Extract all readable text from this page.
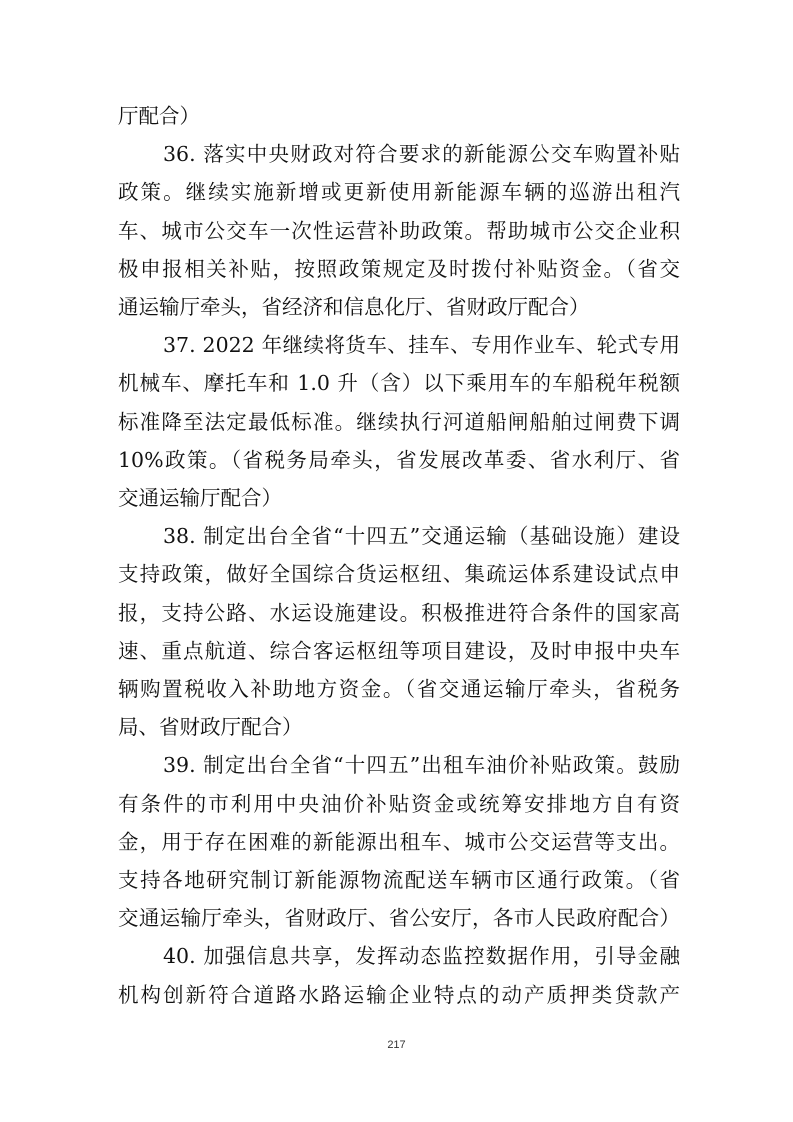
厅配合）
36. 落实中央财政对符合要求的新能源公交车购置补贴
政策。继续实施新增或更新使用新能源车辆的巡游出租汽
车、城市公交车一次性运营补助政策。帮助城市公交企业积
极申报相关补贴，按照政策规定及时拨付补贴资金。（省交
通运输厅牵头，省经济和信息化厅、省财政厅配合）
37. 2022 年继续将货车、挂车、专用作业车、轮式专用
机械车、摩托车和 1.0 升（含）以下乘用车的车船税年税额
标准降至法定最低标准。继续执行河道船闸船舶过闸费下调
10%政策。（省税务局牵头，省发展改革委、省水利厅、省
交通运输厅配合）
38. 制定出台全省“十四五”交通运输（基础设施）建设
支持政策，做好全国综合货运枢纽、集疏运体系建设试点申
报，支持公路、水运设施建设。积极推进符合条件的国家高
速、重点航道、综合客运枢纽等项目建设，及时申报中央车
辆购置税收入补助地方资金。（省交通运输厅牵头，省税务
局、省财政厅配合）
39. 制定出台全省“十四五”出租车油价补贴政策。鼓励
有条件的市利用中央油价补贴资金或统筹安排地方自有资
金，用于存在困难的新能源出租车、城市公交运营等支出。
支持各地研究制订新能源物流配送车辆市区通行政策。（省
交通运输厅牵头，省财政厅、省公安厅，各市人民政府配合）
40. 加强信息共享，发挥动态监控数据作用，引导金融
机构创新符合道路水路运输企业特点的动产质押类贷款产
217
